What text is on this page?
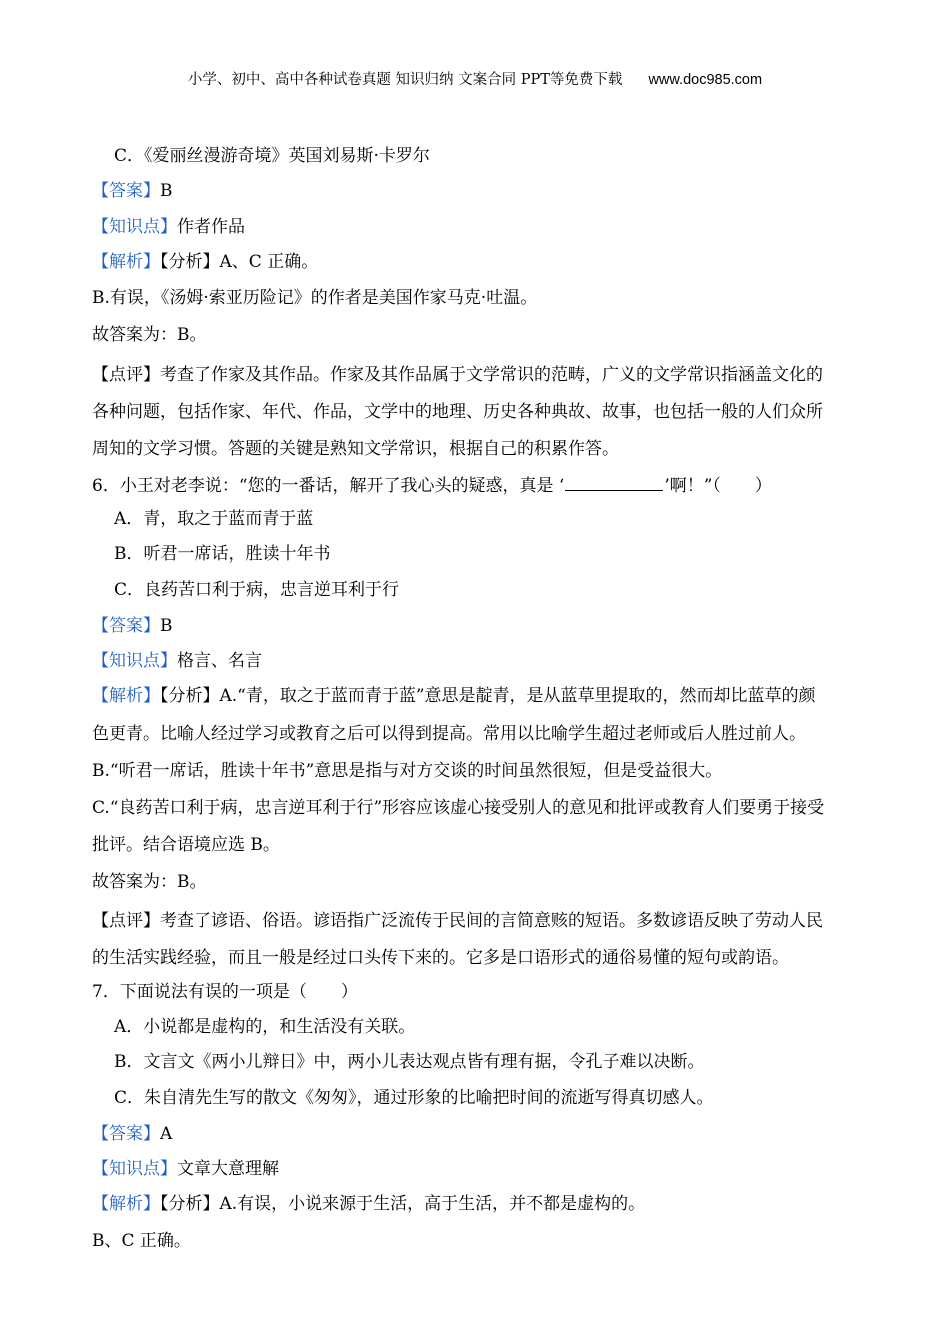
小学、初中、高中各种试卷真题 知识归纳 文案合同 PPT等免费下载 www.doc985.com
C．《爱丽丝漫游奇境》英国刘易斯·卡罗尔
【答案】B
【知识点】作者作品
【解析】【分析】A、C 正确。
B.有误，《汤姆·索亚历险记》的作者是美国作家马克·吐温。
故答案为：B。
【点评】考查了作家及其作品。作家及其作品属于文学常识的范畴，广义的文学常识指涵盖文化的
各种问题，包括作家、年代、作品，文学中的地理、历史各种典故、故事，也包括一般的人们众所
周知的文学习惯。答题的关键是熟知文学常识，根据自己的积累作答。
6．小王对老李说：“您的一番话，解开了我心头的疑惑，真是 ‘	’啊！”（　　）
A．青，取之于蓝而青于蓝
B．听君一席话，胜读十年书
C．良药苦口利于病，忠言逆耳利于行
【答案】B
【知识点】格言、名言
【解析】【分析】A.“青，取之于蓝而青于蓝”意思是靛青，是从蓝草里提取的，然而却比蓝草的颜
色更青。比喻人经过学习或教育之后可以得到提高。常用以比喻学生超过老师或后人胜过前人。
B.“听君一席话，胜读十年书”意思是指与对方交谈的时间虽然很短，但是受益很大。
C.“良药苦口利于病，忠言逆耳利于行”形容应该虚心接受别人的意见和批评或教育人们要勇于接受
批评。结合语境应选 B。
故答案为：B。
【点评】考查了谚语、俗语。谚语指广泛流传于民间的言简意赅的短语。多数谚语反映了劳动人民
的生活实践经验，而且一般是经过口头传下来的。它多是口语形式的通俗易懂的短句或韵语。
7．下面说法有误的一项是（　　）
A．小说都是虚构的，和生活没有关联。
B．文言文《两小儿辩日》中，两小儿表达观点皆有理有据，令孔子难以决断。
C．朱自清先生写的散文《匆匆》，通过形象的比喻把时间的流逝写得真切感人。
【答案】A
【知识点】文章大意理解
【解析】【分析】A.有误，小说来源于生活，高于生活，并不都是虚构的。
B、C 正确。
